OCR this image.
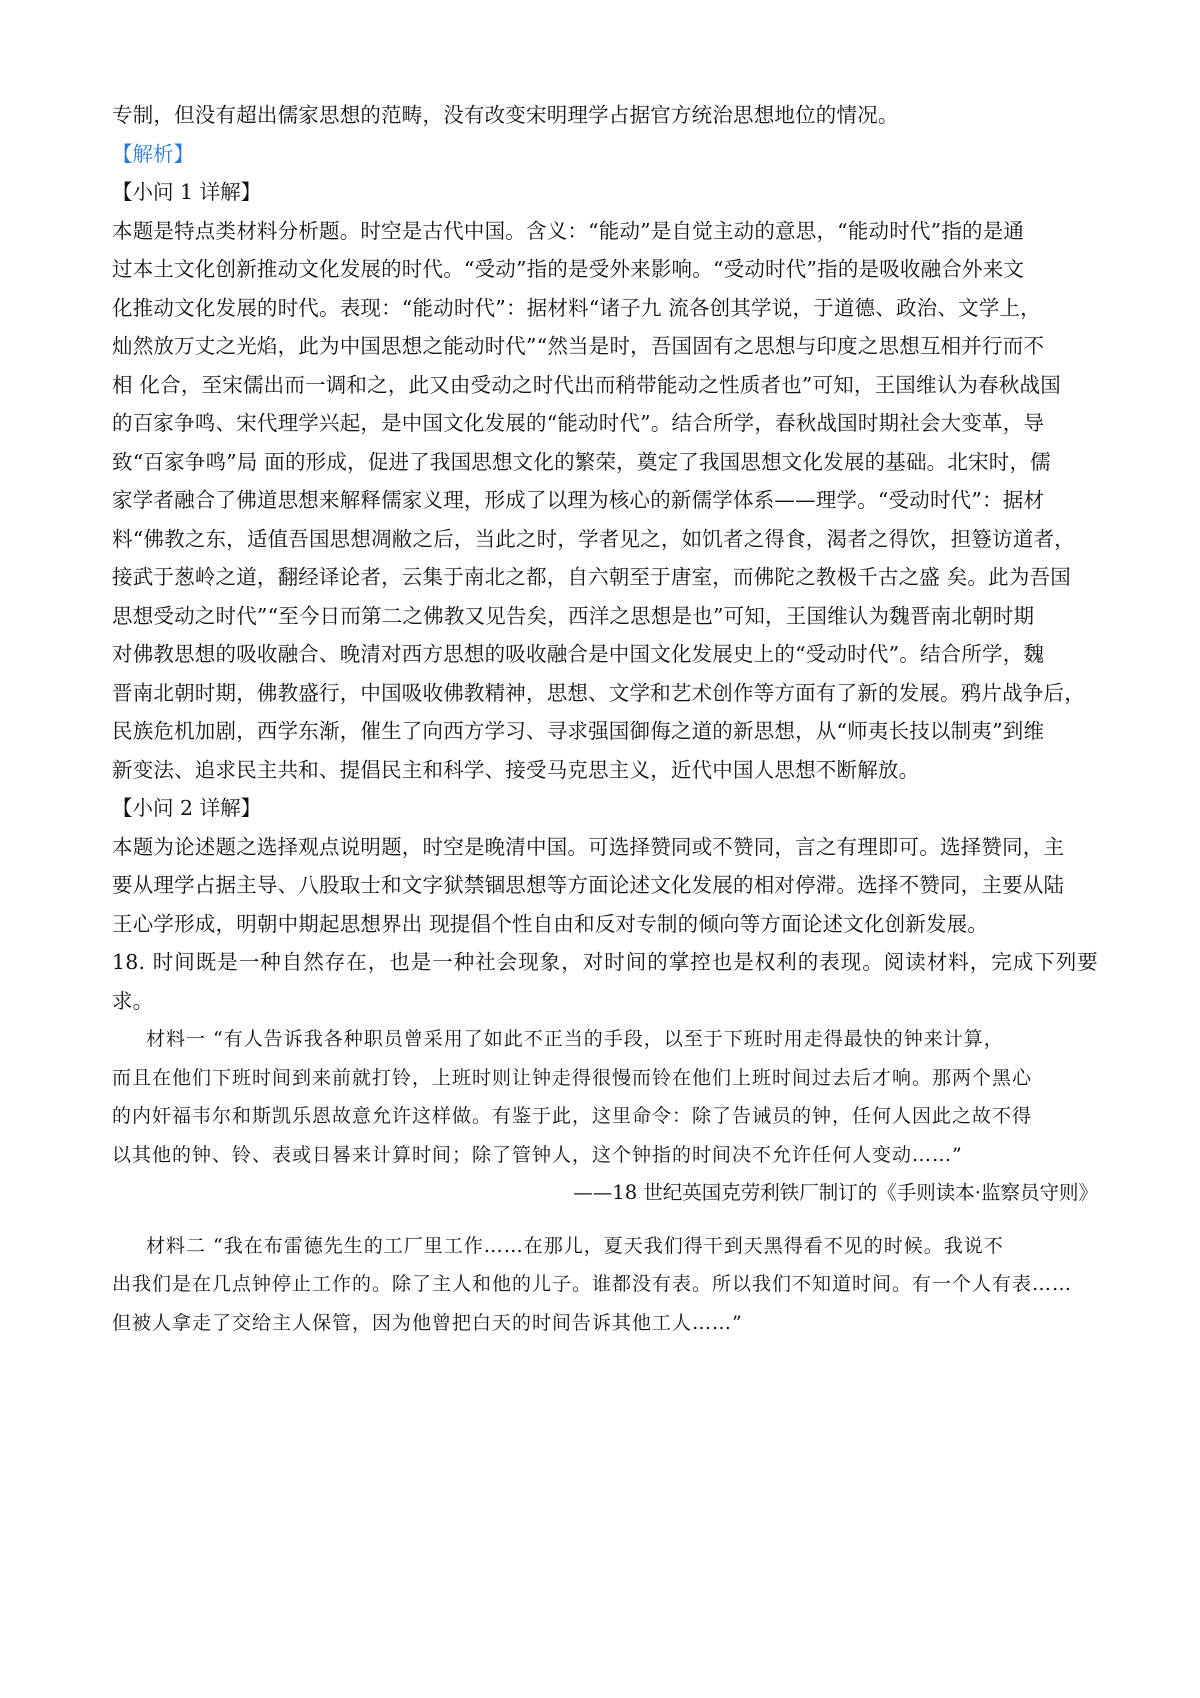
专制，但没有超出儒家思想的范畴，没有改变宋明理学占据官方统治思想地位的情况。

【解析】

【小问 1 详解】

本题是特点类材料分析题。时空是古代中国。含义：“能动”是自觉主动的意思，“能动时代”指的是通

过本土文化创新推动文化发展的时代。“受动”指的是受外来影响。“受动时代”指的是吸收融合外来文

化推动文化发展的时代。表现：“能动时代”：据材料“诸子九 流各创其学说，于道德、政治、文学上，

灿然放万丈之光焰，此为中国思想之能动时代”“然当是时，吾国固有之思想与印度之思想互相并行而不

相 化合，至宋儒出而一调和之，此又由受动之时代出而稍带能动之性质者也”可知，王国维认为春秋战国

的百家争鸣、宋代理学兴起，是中国文化发展的“能动时代”。结合所学，春秋战国时期社会大变革，导

致“百家争鸣”局 面的形成，促进了我国思想文化的繁荣，奠定了我国思想文化发展的基础。北宋时，儒

家学者融合了佛道思想来解释儒家义理，形成了以理为核心的新儒学体系——理学。“受动时代”：据材

料“佛教之东，适值吾国思想凋敝之后，当此之时，学者见之，如饥者之得食，渴者之得饮，担簦访道者，

接武于葱岭之道，翻经译论者，云集于南北之都，自六朝至于唐室，而佛陀之教极千古之盛 矣。此为吾国

思想受动之时代”“至今日而第二之佛教又见告矣，西洋之思想是也”可知，王国维认为魏晋南北朝时期

对佛教思想的吸收融合、晚清对西方思想的吸收融合是中国文化发展史上的“受动时代”。结合所学，魏

晋南北朝时期，佛教盛行，中国吸收佛教精神，思想、文学和艺术创作等方面有了新的发展。鸦片战争后，

民族危机加剧，西学东渐，催生了向西方学习、寻求强国御侮之道的新思想，从“师夷长技以制夷”到维

新变法、追求民主共和、提倡民主和科学、接受马克思主义，近代中国人思想不断解放。

【小问 2 详解】

本题为论述题之选择观点说明题，时空是晚清中国。可选择赞同或不赞同，言之有理即可。选择赞同，主

要从理学占据主导、八股取士和文字狱禁锢思想等方面论述文化发展的相对停滞。选择不赞同，主要从陆

王心学形成，明朝中期起思想界出 现提倡个性自由和反对专制的倾向等方面论述文化创新发展。

18. 时间既是一种自然存在，也是一种社会现象，对时间的掌控也是权利的表现。阅读材料，完成下列要求。

材料一 “有人告诉我各种职员曾采用了如此不正当的手段，以至于下班时用走得最快的钟来计算，

而且在他们下班时间到来前就打铃，上班时则让钟走得很慢而铃在他们上班时间过去后才响。那两个黑心

的内奸福韦尔和斯凯乐恩故意允许这样做。有鉴于此，这里命令：除了告诫员的钟，任何人因此之故不得

以其他的钟、铃、表或日晷来计算时间；除了管钟人，这个钟指的时间决不允许任何人变动……”

——18 世纪英国克劳利铁厂制订的《手则读本·监察员守则》

材料二 “我在布雷德先生的工厂里工作……在那儿，夏天我们得干到天黑得看不见的时候。我说不

出我们是在几点钟停止工作的。除了主人和他的儿子。谁都没有表。所以我们不知道时间。有一个人有表……

但被人拿走了交给主人保管，因为他曾把白天的时间告诉其他工人……”
